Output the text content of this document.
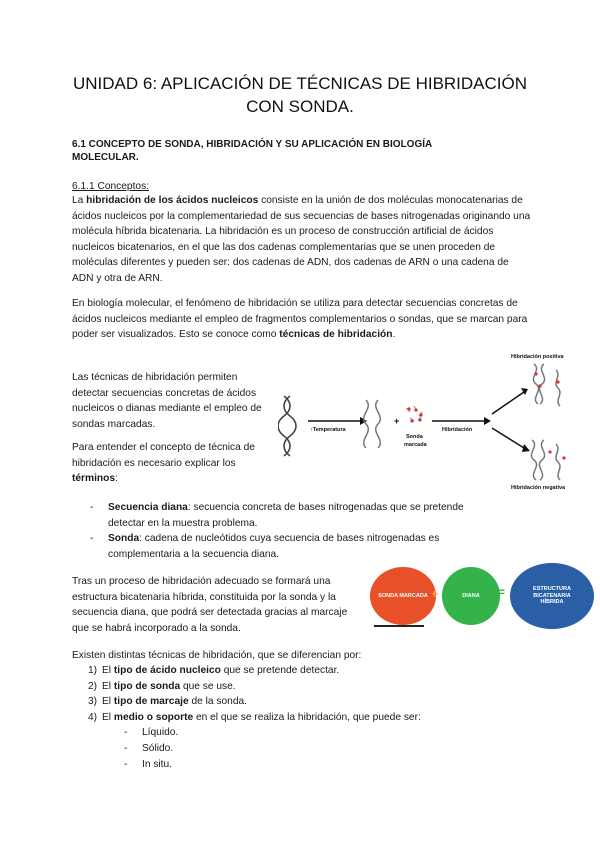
UNIDAD 6: APLICACIÓN DE TÉCNICAS DE HIBRIDACIÓN
CON SONDA.
6.1 CONCEPTO DE SONDA, HIBRIDACIÓN Y SU APLICACIÓN EN BIOLOGÍA
MOLECULAR.
6.1.1 Conceptos:
La hibridación de los ácidos nucleicos consiste en la unión de dos moléculas monocatenarias de ácidos nucleicos por la complementariedad de sus secuencias de bases nitrogenadas originando una molécula híbrida bicatenaria. La hibridación es un proceso de construcción artificial de ácidos nucleicos bicatenarios, en el que las dos cadenas complementarias que se unen proceden de moléculas diferentes y pueden ser: dos cadenas de ADN, dos cadenas de ARN o una cadena de ADN y otra de ARN.
En biología molecular, el fenómeno de hibridación se utiliza para detectar secuencias concretas de ácidos nucleicos mediante el empleo de fragmentos complementarios o sondas, que se marcan para poder ser visualizados. Esto se conoce como técnicas de hibridación.
Las técnicas de hibridación permiten detectar secuencias concretas de ácidos nucleicos o dianas mediante el empleo de sondas marcadas.
Para entender el concepto de técnica de hibridación es necesario explicar los términos:
↑Temperatura
+
Sonda
marcada
Hibridación
Hibridación positiva
Hibridación negativa
- Secuencia diana: secuencia concreta de bases nitrogenadas que se pretende detectar en la muestra problema.
- Sonda: cadena de nucleótidos cuya secuencia de bases nitrogenadas es complementaria a la secuencia diana.
Tras un proceso de hibridación adecuado se formará una estructura bicatenaria híbrida, constituida por la sonda y la secuencia diana, que podrá ser detectada gracias al marcaje que se habrá incorporado a la sonda.
SONDA MARCADA +	DIANA	=	ESTRUCTURA BICATENARIA HÍBRIDA
Existen distintas técnicas de hibridación, que se diferencian por:
1) El tipo de ácido nucleico que se pretende detectar.
2) El tipo de sonda que se use.
3) El tipo de marcaje de la sonda.
4) El medio o soporte en el que se realiza la hibridación, que puede ser:
- Líquido.
- Sólido.
- In situ.
